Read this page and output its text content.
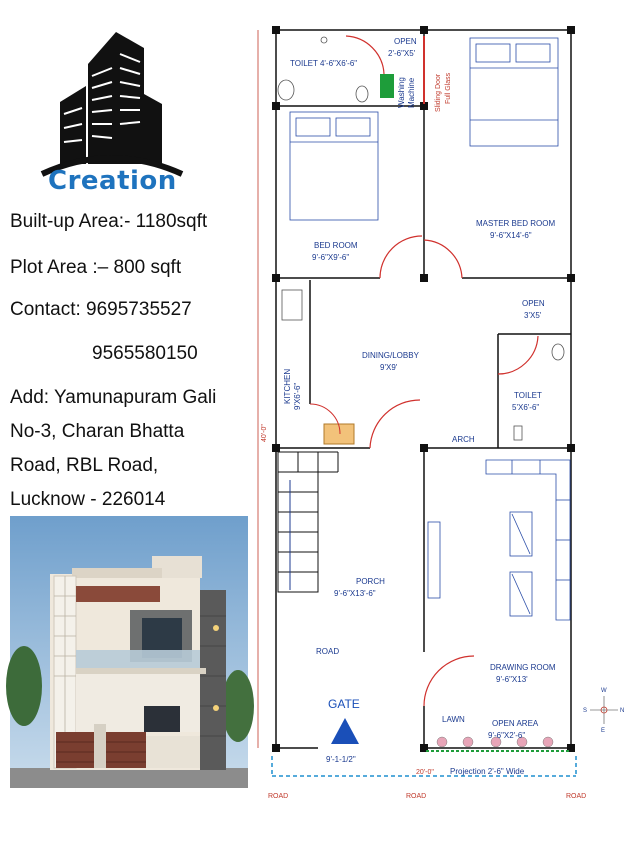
Creation
Built-up Area:- 1180sqft
Plot Area :– 800 sqft
Contact: 9695735527
9565580150
Add: Yamunapuram Gali
No-3, Charan Bhatta
Road, RBL Road,
Lucknow - 226014
TOILET 4'-6"X6'-6"
OPEN
2'-6"X5'
Washing Machine	Sliding Door Full Glass
MASTER BED ROOM
9'-6"X14'-6"
BED ROOM
9'-6"X9'-6"
OPEN
3'X5'
DINING/LOBBY
9'X9'
KITCHEN 9'X6'-6"	TOILET
5'X6'-6"
ARCH
PORCH
9'-6"X13'-6"
ROAD
DRAWING ROOM
9'-6"X13'
GATE
9'-1-1/2"
LAWN	OPEN AREA
9'-6"X2'-6"
40'-0"
20'-0" Projection 2'-6" Wide
ROAD	ROAD	ROAD
W
S	N
E
